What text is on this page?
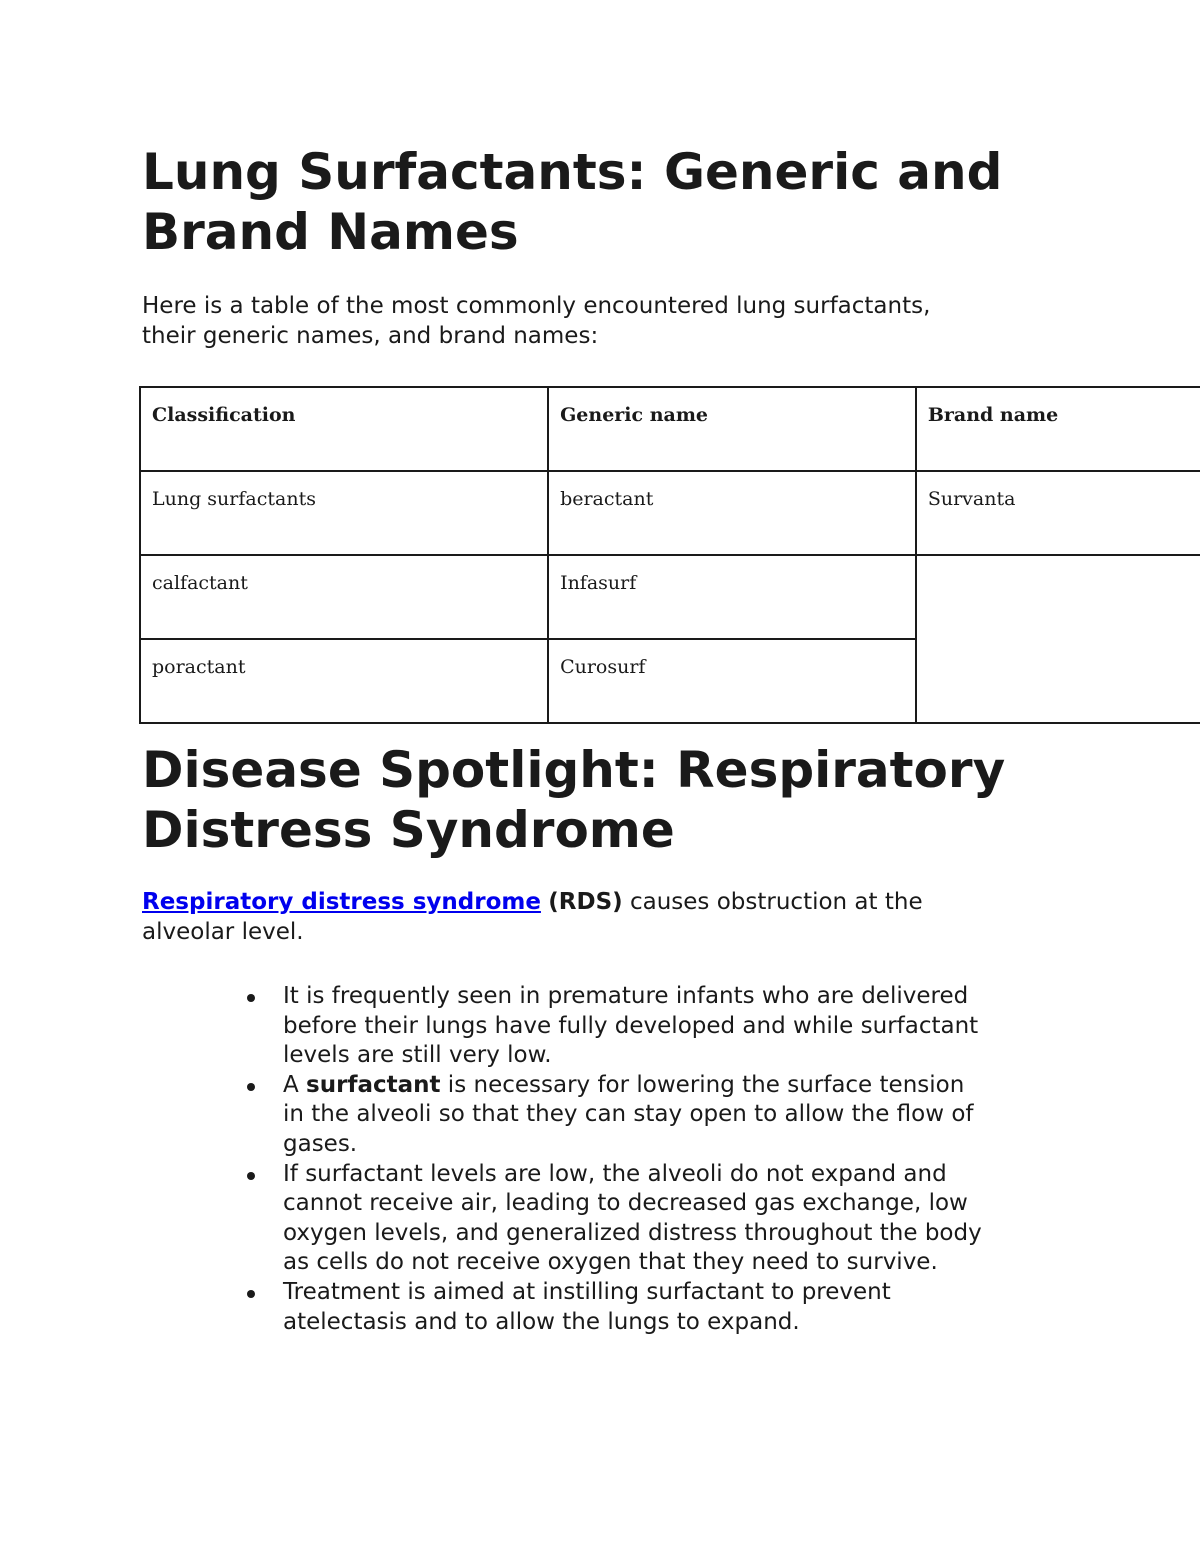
Lung Surfactants: Generic and
Brand Names

Here is a table of the most commonly encountered lung surfactants,
their generic names, and brand names:

Classification	Generic name	Brand name

Lung surfactants	beractant	Survanta

calfactant	Infasurf	

poractant	Curosurf	
Disease Spotlight: Respiratory
Distress Syndrome

Respiratory distress syndrome (RDS) causes obstruction at the
alveolar level.

It is frequently seen in premature infants who are delivered
before their lungs have fully developed and while surfactant
levels are still very low.
A surfactant is necessary for lowering the surface tension
in the alveoli so that they can stay open to allow the flow of
gases.
If surfactant levels are low, the alveoli do not expand and
cannot receive air, leading to decreased gas exchange, low
oxygen levels, and generalized distress throughout the body
as cells do not receive oxygen that they need to survive.
Treatment is aimed at instilling surfactant to prevent
atelectasis and to allow the lungs to expand.
